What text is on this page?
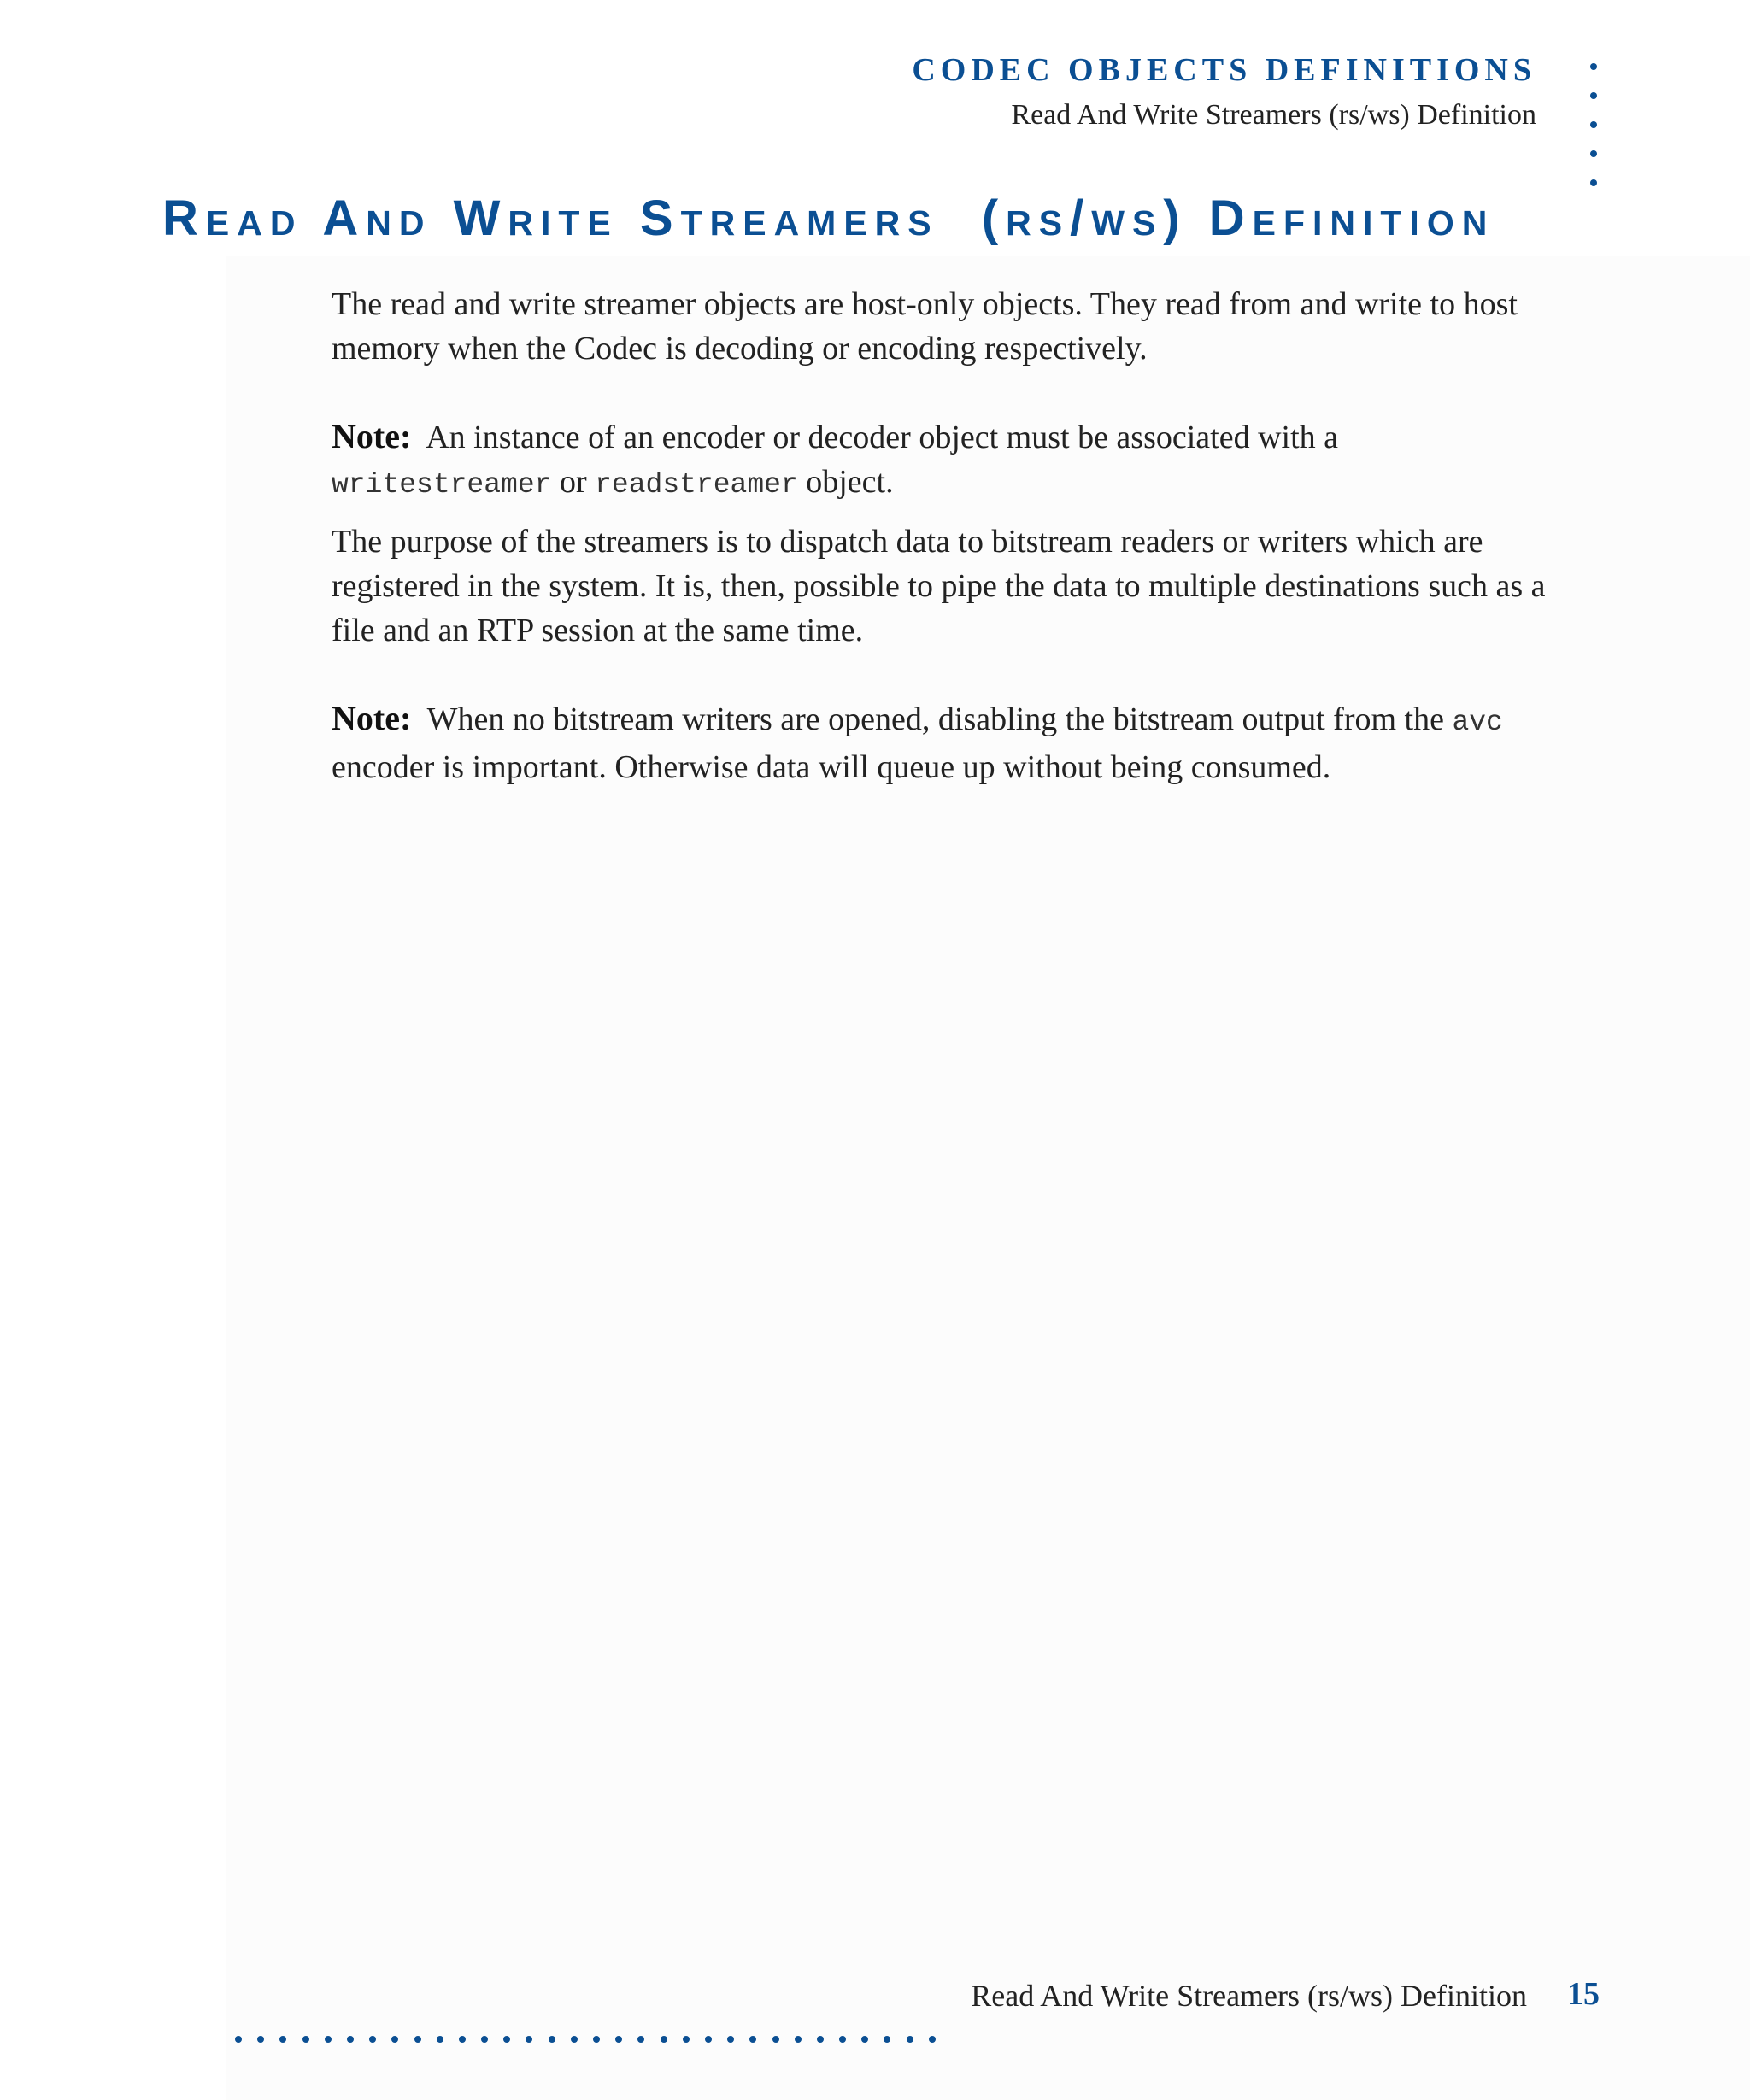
CODEC OBJECTS DEFINITIONS
Read And Write Streamers (rs/ws) Definition
Read And Write Streamers  (rs/ws) Definition
The read and write streamer objects are host-only objects. They read from and write to host memory when the Codec is decoding or encoding respectively.
Note: An instance of an encoder or decoder object must be associated with a
writestreamer or readstreamer object.
The purpose of the streamers is to dispatch data to bitstream readers or writers which are registered in the system. It is, then, possible to pipe the data to multiple destinations such as a file and an RTP session at the same time.
Note: When no bitstream writers are opened, disabling the bitstream output from the avc
encoder is important. Otherwise data will queue up without being consumed.
Read And Write Streamers (rs/ws) Definition 15
